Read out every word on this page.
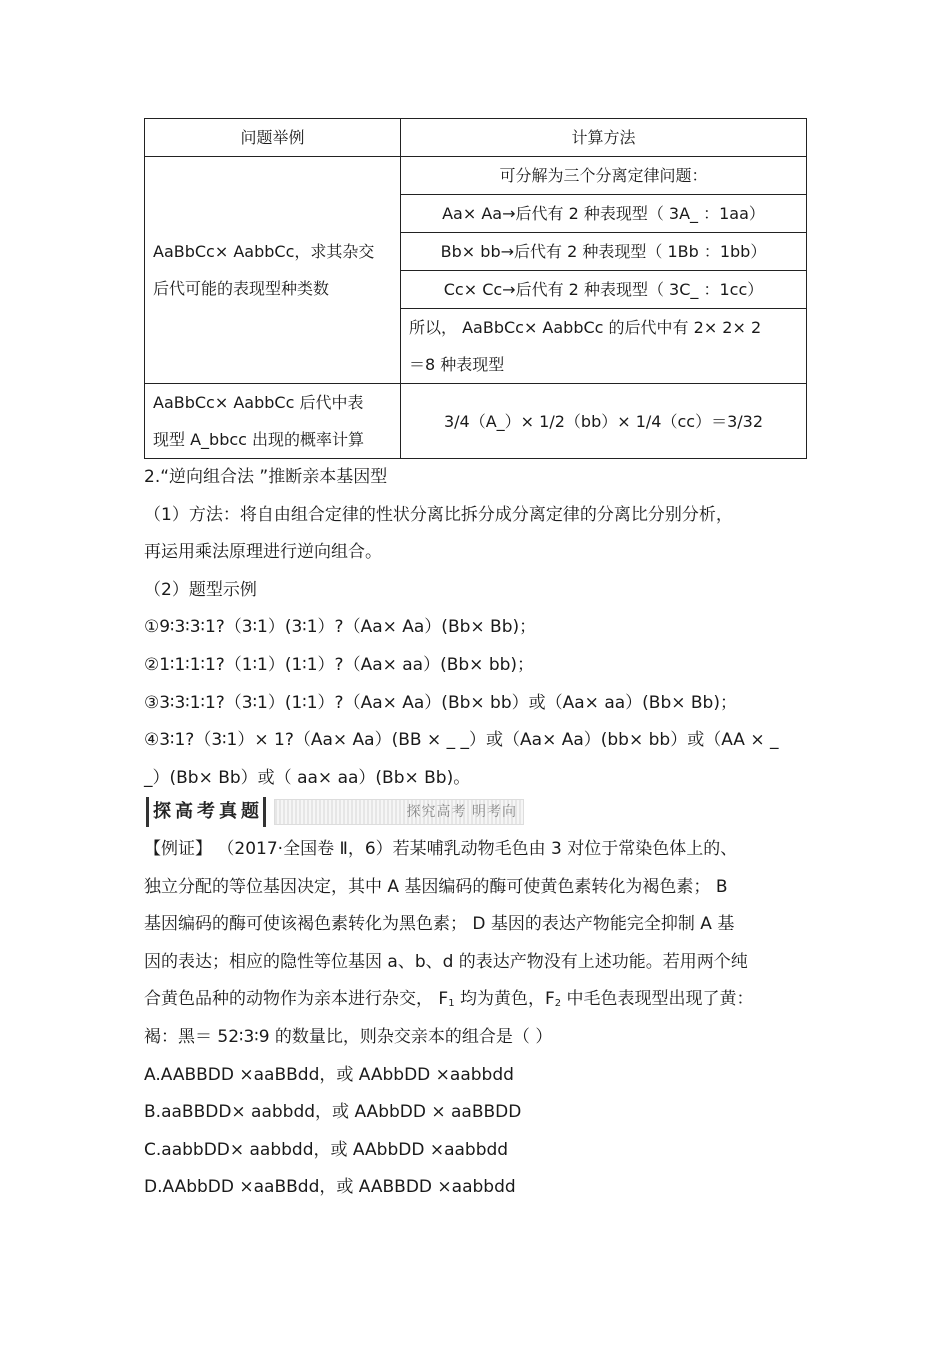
问题举例	计算方法

AaBbCc× AabbCc，求其杂交
后代可能的表现型种类数	可分解为三个分离定律问题：
	Aa× Aa→后代有 2 种表现型（ 3A_ ：1aa）
	Bb× bb→后代有 2 种表现型（ 1Bb ：1bb）
	Cc× Cc→后代有 2 种表现型（ 3C_ ：1cc）

	所以， AaBbCc× AabbCc 的后代中有 2× 2× 2
＝8 种表现型

AaBbCc× AabbCc 后代中表
现型 A_bbcc 出现的概率计算	3/4（A_）× 1/2（bb）× 1/4（cc）＝3/32
2.“逆向组合法 ”推断亲本基因型
（1）方法：将自由组合定律的性状分离比拆分成分离定律的分离比分别分析，
再运用乘法原理进行逆向组合。
（2）题型示例
①9∶3∶3∶1?（3∶1）(3∶1）?（Aa× Aa）(Bb× Bb)；
②1∶1∶1∶1?（1∶1）(1∶1）?（Aa× aa）(Bb× bb)；
③3∶3∶1∶1?（3∶1）(1∶1）?（Aa× Aa）(Bb× bb）或（Aa× aa）(Bb× Bb)；
④3∶1?（3∶1）× 1?（Aa× Aa）(BB × _ _）或（Aa× Aa）(bb× bb）或（AA × _
_）(Bb× Bb）或（ aa× aa）(Bb× Bb)。
探高考真题	探究高考 明考向
【例证】 （2017·全国卷 Ⅱ，6）若某哺乳动物毛色由 3 对位于常染色体上的、
独立分配的等位基因决定，其中 A 基因编码的酶可使黄色素转化为褐色素； B
基因编码的酶可使该褐色素转化为黑色素； D 基因的表达产物能完全抑制 A 基
因的表达；相应的隐性等位基因 a、b、d 的表达产物没有上述功能。若用两个纯
合黄色品种的动物作为亲本进行杂交， $F_1$ 均为黄色，$F_2$ 中毛色表现型出现了黄：
褐：黑＝ 52∶3∶9 的数量比，则杂交亲本的组合是（ ）
A.AABBDD ×aaBBdd，或 AAbbDD ×aabbdd
B.aaBBDD× aabbdd，或 AAbbDD × aaBBDD
C.aabbDD× aabbdd，或 AAbbDD ×aabbdd
D.AAbbDD ×aaBBdd，或 AABBDD ×aabbdd
